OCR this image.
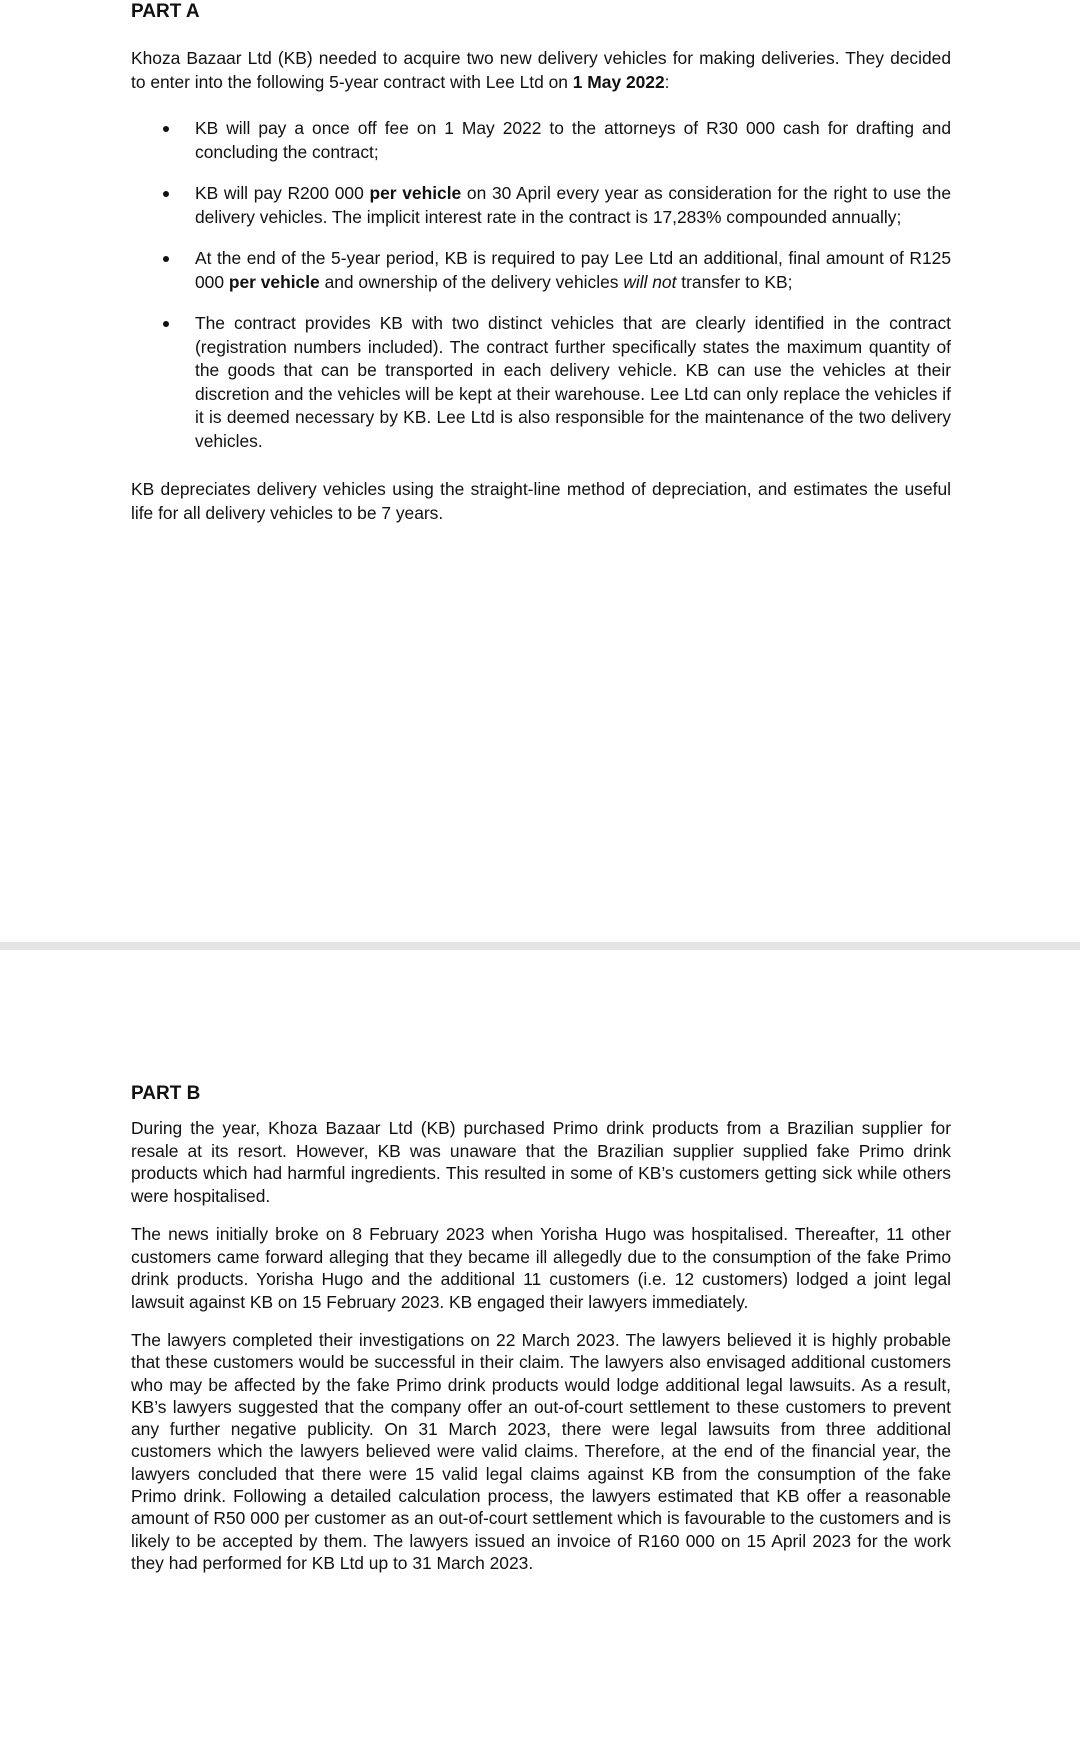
PART A

Khoza Bazaar Ltd (KB) needed to acquire two new delivery vehicles for making deliveries. They decided to enter into the following 5-year contract with Lee Ltd on 1 May 2022:

KB will pay a once off fee on 1 May 2022 to the attorneys of R30 000 cash for drafting and concluding the contract;
KB will pay R200 000 per vehicle on 30 April every year as consideration for the right to use the delivery vehicles. The implicit interest rate in the contract is 17,283% compounded annually;
At the end of the 5-year period, KB is required to pay Lee Ltd an additional, final amount of R125 000 per vehicle and ownership of the delivery vehicles will not transfer to KB;
The contract provides KB with two distinct vehicles that are clearly identified in the contract (registration numbers included). The contract further specifically states the maximum quantity of the goods that can be transported in each delivery vehicle. KB can use the vehicles at their discretion and the vehicles will be kept at their warehouse. Lee Ltd can only replace the vehicles if it is deemed necessary by KB. Lee Ltd is also responsible for the maintenance of the two delivery vehicles.

KB depreciates delivery vehicles using the straight-line method of depreciation, and estimates the useful life for all delivery vehicles to be 7 years.

PART B

During the year, Khoza Bazaar Ltd (KB) purchased Primo drink products from a Brazilian supplier for resale at its resort. However, KB was unaware that the Brazilian supplier supplied fake Primo drink products which had harmful ingredients. This resulted in some of KB’s customers getting sick while others were hospitalised.

The news initially broke on 8 February 2023 when Yorisha Hugo was hospitalised. Thereafter, 11 other customers came forward alleging that they became ill allegedly due to the consumption of the fake Primo drink products. Yorisha Hugo and the additional 11 customers (i.e. 12 customers) lodged a joint legal lawsuit against KB on 15 February 2023. KB engaged their lawyers immediately.

The lawyers completed their investigations on 22 March 2023. The lawyers believed it is highly probable that these customers would be successful in their claim. The lawyers also envisaged additional customers who may be affected by the fake Primo drink products would lodge additional legal lawsuits. As a result, KB’s lawyers suggested that the company offer an out-of-court settlement to these customers to prevent any further negative publicity. On 31 March 2023, there were legal lawsuits from three additional customers which the lawyers believed were valid claims. Therefore, at the end of the financial year, the lawyers concluded that there were 15 valid legal claims against KB from the consumption of the fake Primo drink. Following a detailed calculation process, the lawyers estimated that KB offer a reasonable amount of R50 000 per customer as an out-of-court settlement which is favourable to the customers and is likely to be accepted by them. The lawyers issued an invoice of R160 000 on 15 April 2023 for the work they had performed for KB Ltd up to 31 March 2023.
